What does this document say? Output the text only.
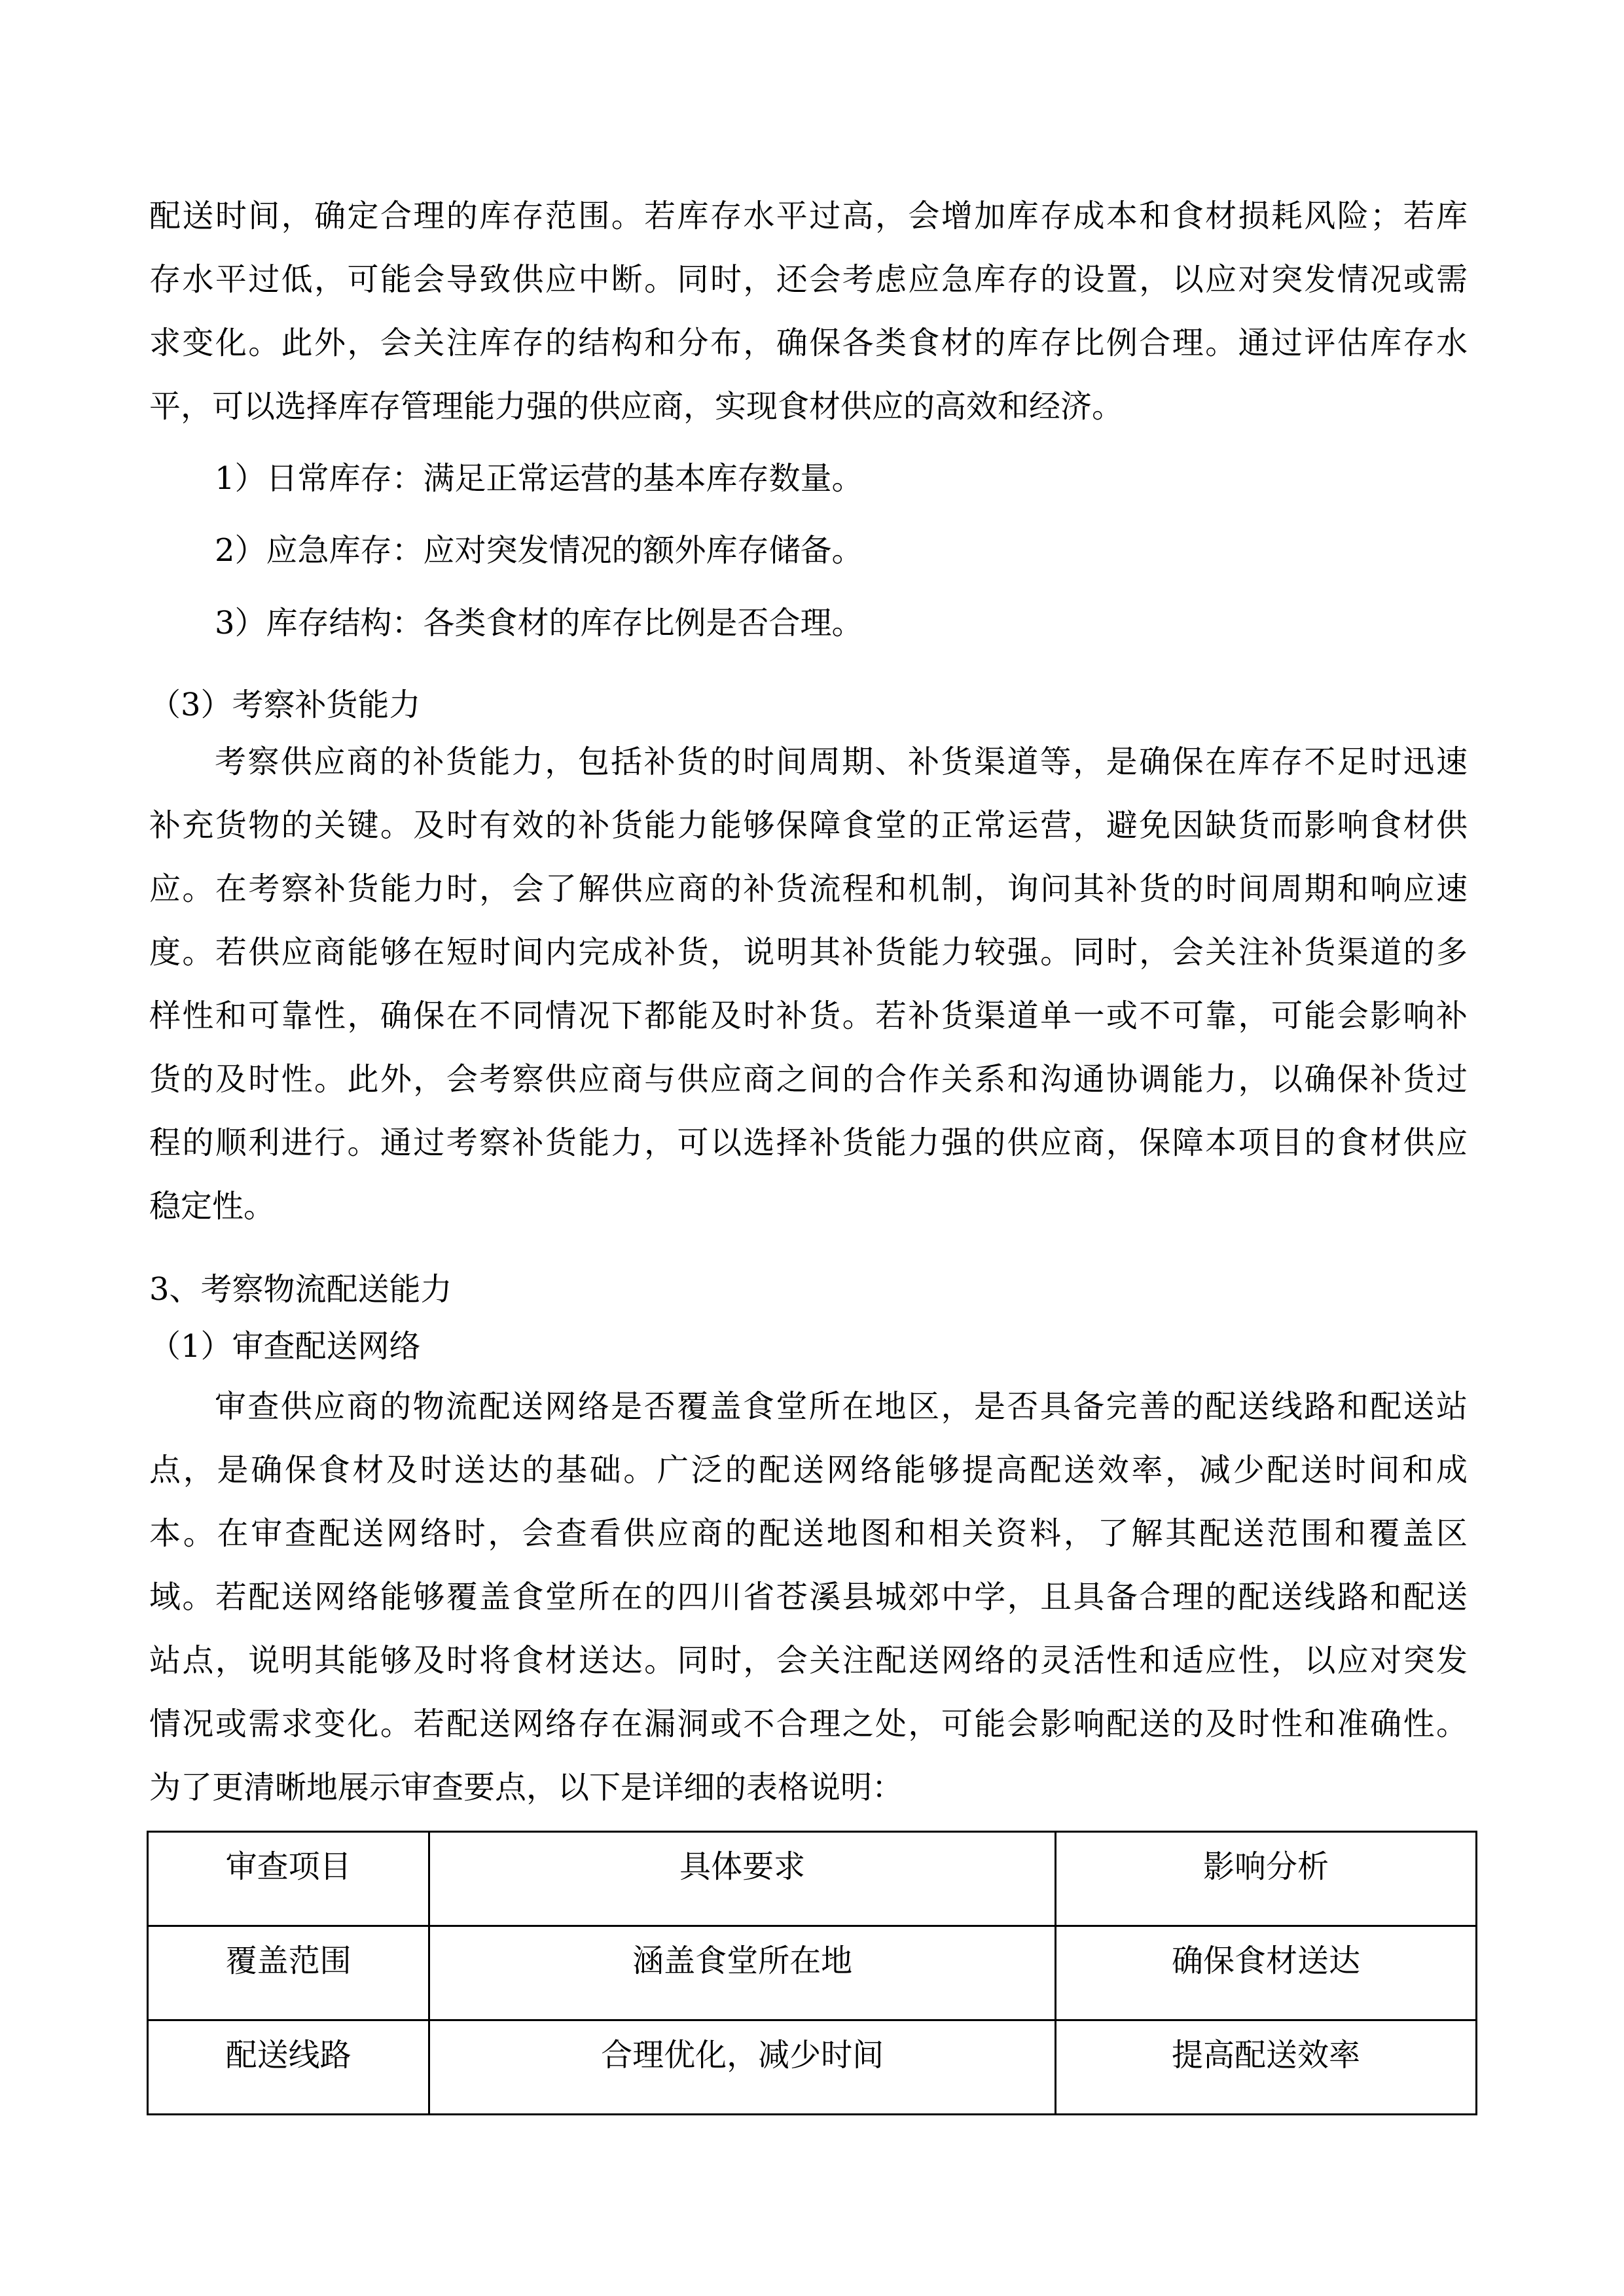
配送时间，确定合理的库存范围。若库存水平过高，会增加库存成本和食材损耗风险；若库
存水平过低，可能会导致供应中断。同时，还会考虑应急库存的设置，以应对突发情况或需
求变化。此外，会关注库存的结构和分布，确保各类食材的库存比例合理。通过评估库存水
平，可以选择库存管理能力强的供应商，实现食材供应的高效和经济。
1）日常库存：满足正常运营的基本库存数量。
2）应急库存：应对突发情况的额外库存储备。
3）库存结构：各类食材的库存比例是否合理。
（3）考察补货能力
考察供应商的补货能力，包括补货的时间周期、补货渠道等，是确保在库存不足时迅速
补充货物的关键。及时有效的补货能力能够保障食堂的正常运营，避免因缺货而影响食材供
应。在考察补货能力时，会了解供应商的补货流程和机制，询问其补货的时间周期和响应速
度。若供应商能够在短时间内完成补货，说明其补货能力较强。同时，会关注补货渠道的多
样性和可靠性，确保在不同情况下都能及时补货。若补货渠道单一或不可靠，可能会影响补
货的及时性。此外，会考察供应商与供应商之间的合作关系和沟通协调能力，以确保补货过
程的顺利进行。通过考察补货能力，可以选择补货能力强的供应商，保障本项目的食材供应
稳定性。
3、考察物流配送能力
（1）审查配送网络
审查供应商的物流配送网络是否覆盖食堂所在地区，是否具备完善的配送线路和配送站
点，是确保食材及时送达的基础。广泛的配送网络能够提高配送效率，减少配送时间和成
本。在审查配送网络时，会查看供应商的配送地图和相关资料，了解其配送范围和覆盖区
域。若配送网络能够覆盖食堂所在的四川省苍溪县城郊中学，且具备合理的配送线路和配送
站点，说明其能够及时将食材送达。同时，会关注配送网络的灵活性和适应性，以应对突发
情况或需求变化。若配送网络存在漏洞或不合理之处，可能会影响配送的及时性和准确性。
为了更清晰地展示审查要点，以下是详细的表格说明：
审查项目	具体要求	影响分析
覆盖范围	涵盖食堂所在地	确保食材送达
配送线路	合理优化，减少时间	提高配送效率
